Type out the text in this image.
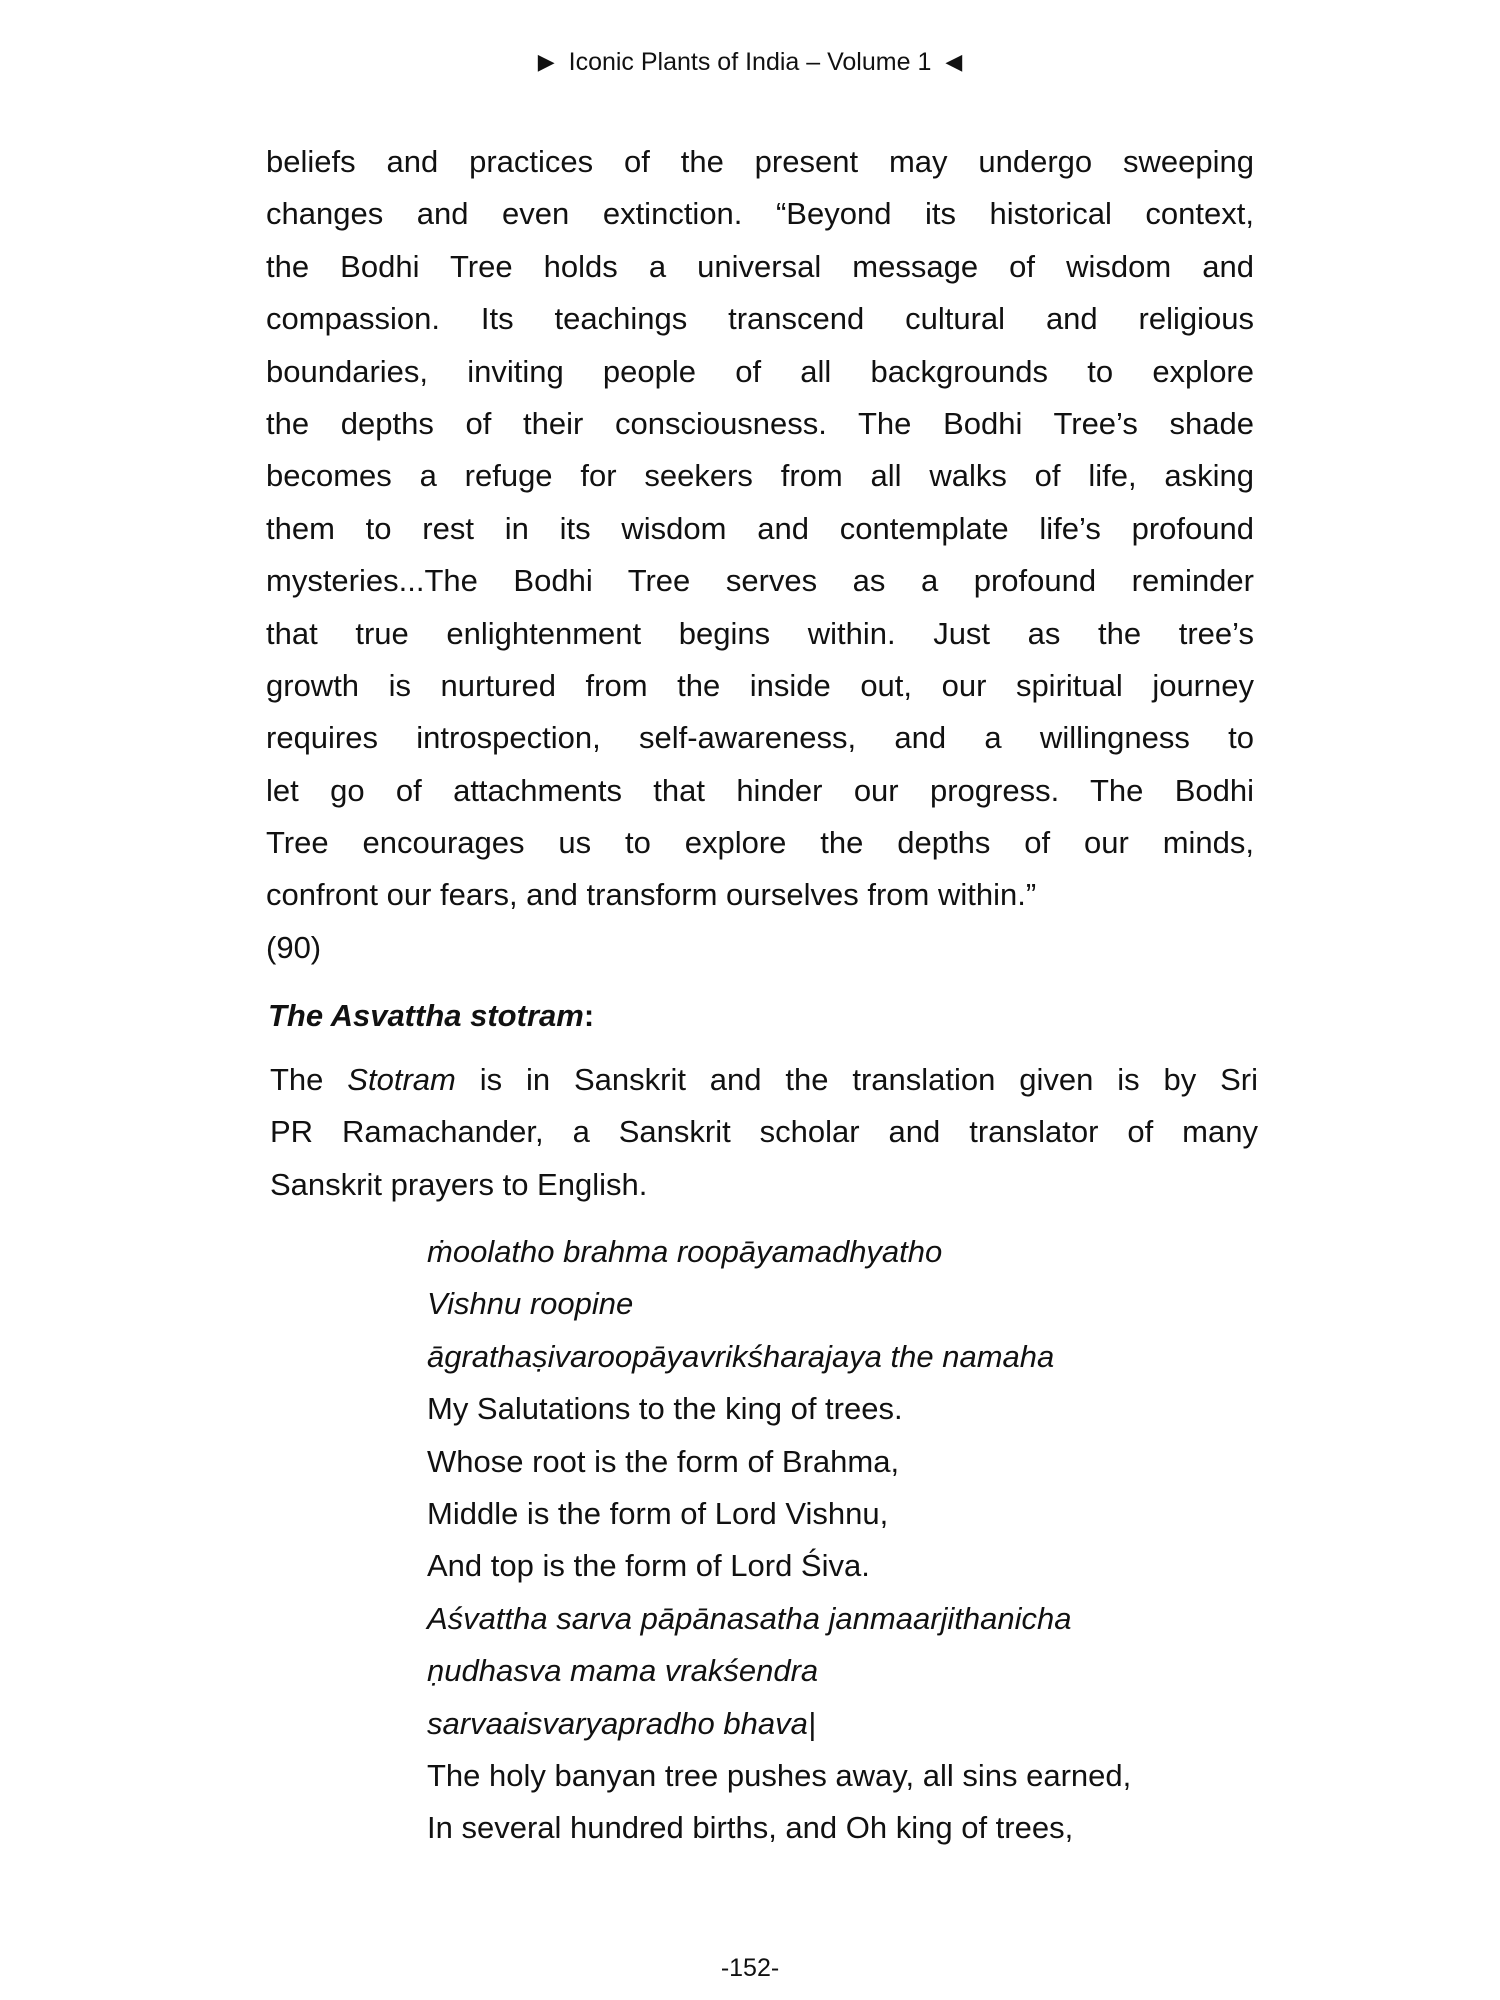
▶ Iconic Plants of India – Volume 1 ◀
beliefs and practices of the present may undergo sweeping
changes and even extinction. “Beyond its historical context,
the Bodhi Tree holds a universal message of wisdom and
compassion. Its teachings transcend cultural and religious
boundaries, inviting people of all backgrounds to explore
the depths of their consciousness. The Bodhi Tree’s shade
becomes a refuge for seekers from all walks of life, asking
them to rest in its wisdom and contemplate life’s profound
mysteries...The Bodhi Tree serves as a profound reminder
that true enlightenment begins within. Just as the tree’s
growth is nurtured from the inside out, our spiritual journey
requires introspection, self-awareness, and a willingness to
let go of attachments that hinder our progress. The Bodhi
Tree encourages us to explore the depths of our minds,
confront our fears, and transform ourselves from within.”
(90)
The Asvattha stotram:
The Stotram is in Sanskrit and the translation given is by Sri
PR Ramachander, a Sanskrit scholar and translator of many
Sanskrit prayers to English.
ṁoolatho brahma roopāyamadhyatho
Vishnu roopine
āgrathaṣivaroopāyavrikśharajaya the namaha
My Salutations to the king of trees.
Whose root is the form of Brahma,
Middle is the form of Lord Vishnu,
And top is the form of Lord Śiva.
Aśvattha sarva pāpānasatha janmaarjithanicha
ṇudhasva mama vrakśendra
sarvaaisvaryapradho bhava|
The holy banyan tree pushes away, all sins earned,
In several hundred births, and Oh king of trees,
-152-
